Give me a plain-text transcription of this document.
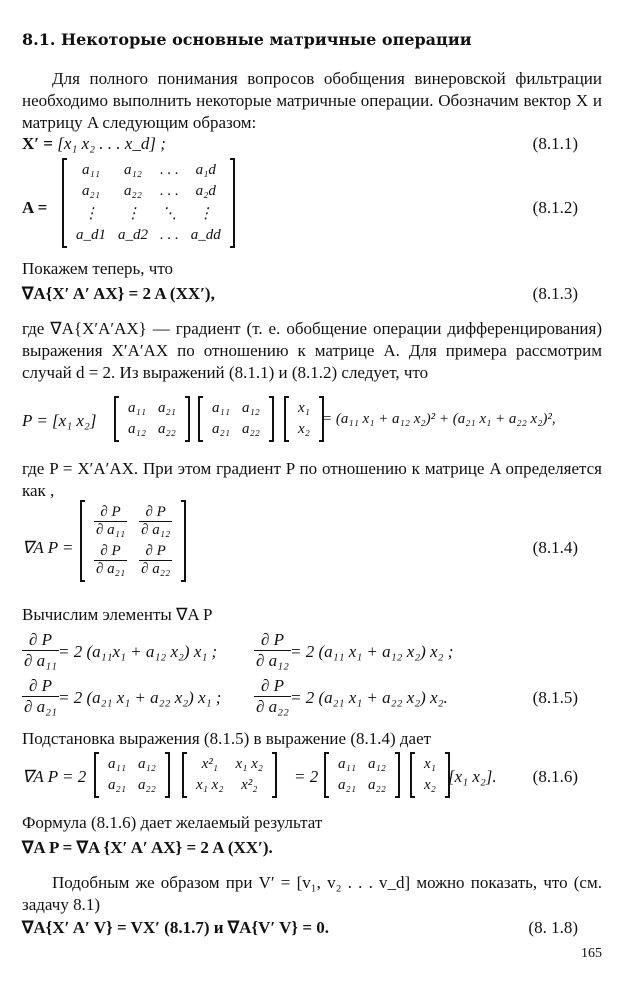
8.1. Некоторые основные матричные операции
Для полного понимания вопросов обобщения винеровской фильтрации необходимо выполнить некоторые матричные операции. Обозначим вектор X и матрицу A следующим образом:
X′ = [x₁ x₂ . . . x_d] ;	(8.1.1)
A =
a₁₁	a₁₂	. . .	a₁d
a₂₁	a₂₂	. . .	a₂d
⋮	⋮	⋱	⋮
a_d1	a_d2	. . .	a_dd
(8.1.2)
Покажем теперь, что
∇A{X′ A′ AX} = 2 A (XX′),	(8.1.3)
где ∇A{X′A′AX} — градиент (т. е. обобщение операции дифференцирования) выражения X′A′AX по отношению к матрице A. Для примера рассмотрим случай d = 2. Из выражений (8.1.1) и (8.1.2) следует, что
P = [x₁ x₂]
a₁₁	a₂₁
a₁₂	a₂₂
a₁₁	a₁₂
a₂₁	a₂₂
x₁
x₂
= (a₁₁ x₁ + a₁₂ x₂)² + (a₂₁ x₁ + a₂₂ x₂)²,
где P = X′A′AX. При этом градиент P по отношению к матрице A определяется как ,
∇A P =
$\frac{\partial P}{\text{∂ a₁₁}}$	$\frac{\partial P}{\text{∂ a₁₂}}$

$\frac{\partial P}{\text{∂ a₂₁}}$	$\frac{\partial P}{\text{∂ a₂₂}}$	(8.1.4)
Вычислим элементы ∇A P
$\frac{\partial P}{\text{∂ a₁₁}} = 2$ (a₁₁x₁ + a₁₂ x₂) x₁ ; $\frac{\partial P}{\text{∂ a₁₂}} = 2$ (a₁₁ x₁ + a₁₂ x₂) x₂ ;
$\frac{\partial P}{\text{∂ a₂₁}} = 2$ (a₂₁ x₁ + a₂₂ x₂) x₁ ; $\frac{\partial P}{\text{∂ a₂₂}} = 2$ (a₂₁ x₁ + a₂₂ x₂) x₂.	(8.1.5)
Подстановка выражения (8.1.5) в выражение (8.1.4) дает
∇A P = 2
a₁₁	a₁₂
a₂₁	a₂₂
x²₁	x₁ x₂
x₁ x₂	x²₂ = 2
a₁₁	a₁₂
a₂₁	a₂₂
x₁
x₂ [x₁ x₂]. (8.1.6)
Формула (8.1.6) дает желаемый результат
∇A P = ∇A {X′ A′ AX} = 2 A (XX′).
Подобным же образом при V′ = [v₁, v₂ . . . v_d] можно показать, что (см. задачу 8.1)
∇A{X′ A′ V} = VX′ (8.1.7) и ∇A{V′ V} = 0.	(8. 1.8)
165
